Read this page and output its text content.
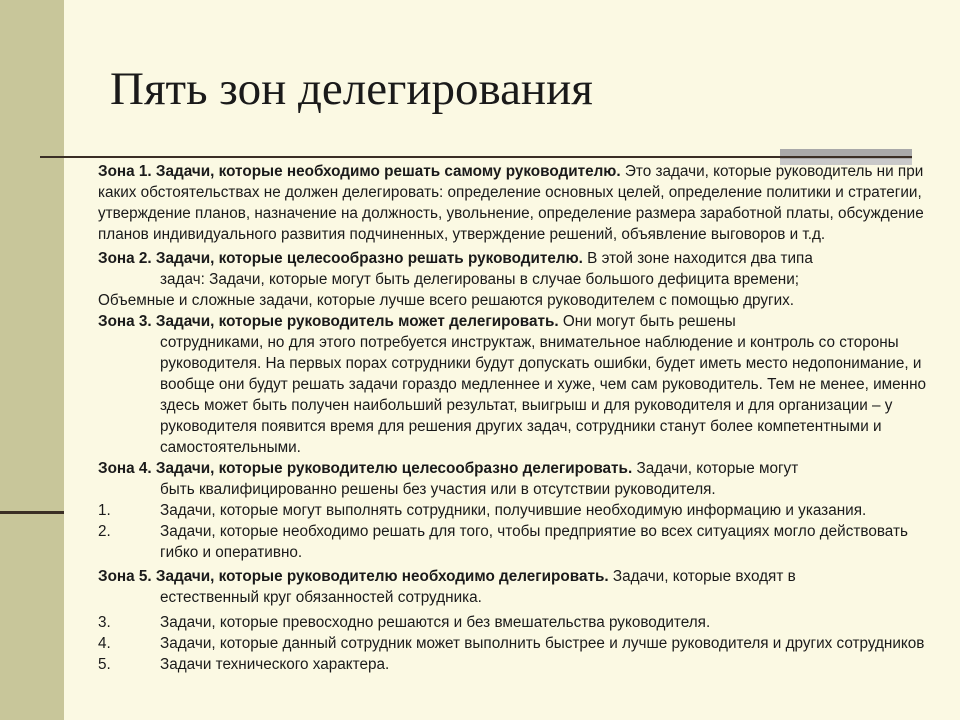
Пять зон делегирования

Зона 1. Задачи, которые необходимо решать самому руководителю. Это задачи, которые руководитель ни при каких обстоятельствах не должен делегировать: определение основных целей, определение политики и стратегии, утверждение планов, назначение на должность, увольнение, определение размера заработной платы, обсуждение планов индивидуального развития подчиненных, утверждение решений, объявление выговоров и т.д.

Зона 2. Задачи, которые целесообразно решать руководителю. В этой зоне находится два типа
задач: Задачи, которые могут быть делегированы в случае большого дефицита времени;
Объемные и сложные задачи, которые лучше всего решаются руководителем с помощью других.

Зона 3. Задачи, которые руководитель может делегировать. Они могут быть решены
сотрудниками, но для этого потребуется инструктаж, внимательное наблюдение и контроль со стороны руководителя. На первых порах сотрудники будут допускать ошибки, будет иметь место недопонимание, и вообще они будут решать задачи гораздо медленнее и хуже, чем сам руководитель. Тем не менее, именно здесь может быть получен наибольший результат, выигрыш и для руководителя и для организации – у руководителя появится время для решения других задач, сотрудники станут более компетентными и самостоятельными.

Зона 4. Задачи, которые руководителю целесообразно делегировать. Задачи, которые могут
быть квалифицированно решены без участия или в отсутствии руководителя.

1.	Задачи, которые могут выполнять сотрудники, получившие необходимую информацию и указания.
2.	Задачи, которые необходимо решать для того, чтобы предприятие во всех ситуациях могло действовать гибко и оперативно.

Зона 5. Задачи, которые руководителю необходимо делегировать. Задачи, которые входят в
естественный круг обязанностей сотрудника.

3.	Задачи, которые превосходно решаются и без вмешательства руководителя.
4.	Задачи, которые данный сотрудник может выполнить быстрее и лучше руководителя и других сотрудников
5.	Задачи технического характера.
